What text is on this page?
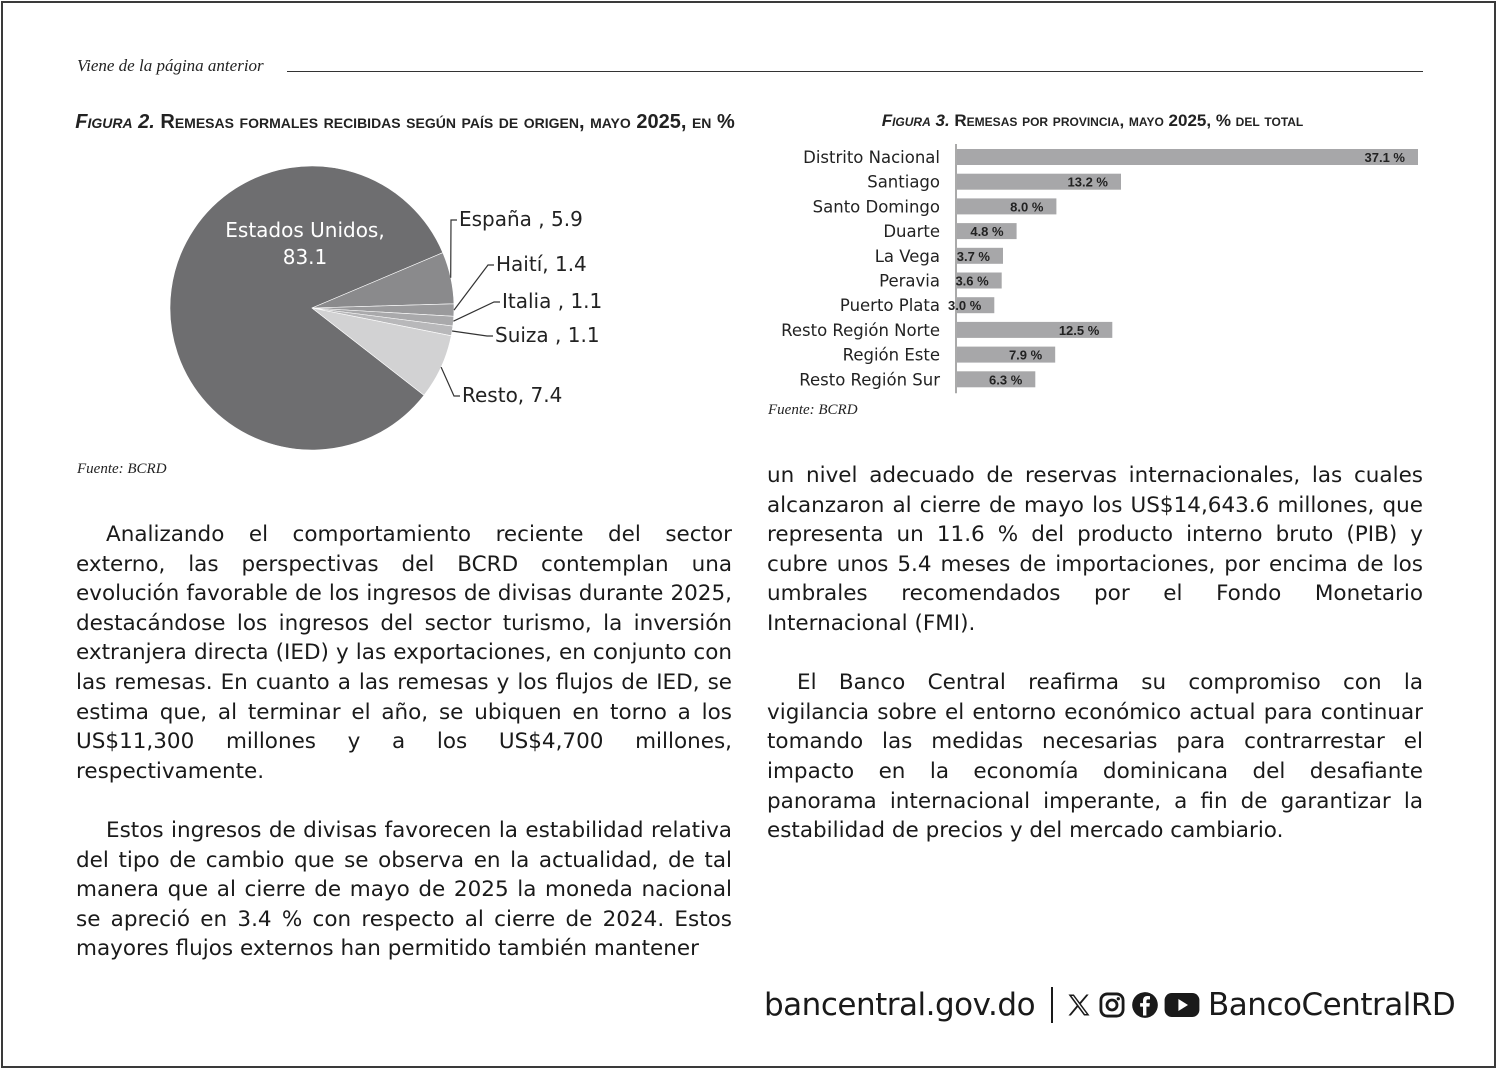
Viene de la página anterior
Figura 2. Remesas formales recibidas según país de origen, mayo 2025, en %
Estados Unidos,
83.1
España , 5.9
Haití, 1.4
Italia , 1.1
Suiza , 1.1
Resto, 7.4
Fuente: BCRD
Figura 3. Remesas por provincia, mayo 2025, % del total
Distrito Nacional	37.1 %
Santiago	13.2 %
Santo Domingo	8.0 %
Duarte 4.8 %
La Vega 3.7 %
Peravia 3.6 %
Puerto Plata 3.0 %
Resto Región Norte	12.5 %
Región Este	7.9 %
Resto Región Sur	6.3 %
Fuente: BCRD

Analizando el comportamiento reciente del sector externo, las perspectivas del BCRD contemplan una evolución favorable de los ingresos de divisas durante 2025, destacándose los ingresos del sector turismo, la inversión extranjera directa (IED) y las exportaciones, en conjunto con las remesas. En cuanto a las remesas y los flujos de IED, se estima que, al terminar el año, se ubiquen en torno a los US$11,300 millones y a los US$4,700 millones, respectivamente.

Estos ingresos de divisas favorecen la estabilidad relativa del tipo de cambio que se observa en la actualidad, de tal manera que al cierre de mayo de 2025 la moneda nacional se apreció en 3.4 % con respecto al cierre de 2024. Estos mayores flujos externos han permitido también mantener

un nivel adecuado de reservas internacionales, las cuales alcanzaron al cierre de mayo los US$14,643.6 millones, que representa un 11.6 % del producto interno bruto (PIB) y cubre unos 5.4 meses de importaciones, por encima de los umbrales recomendados por el Fondo Monetario Internacional (FMI).

El Banco Central reafirma su compromiso con la vigilancia sobre el entorno económico actual para continuar tomando las medidas necesarias para contrarrestar el impacto en la economía dominicana del desafiante panorama internacional imperante, a fin de garantizar la estabilidad de precios y del mercado cambiario.

bancentral.gov.do	BancoCentralRD
